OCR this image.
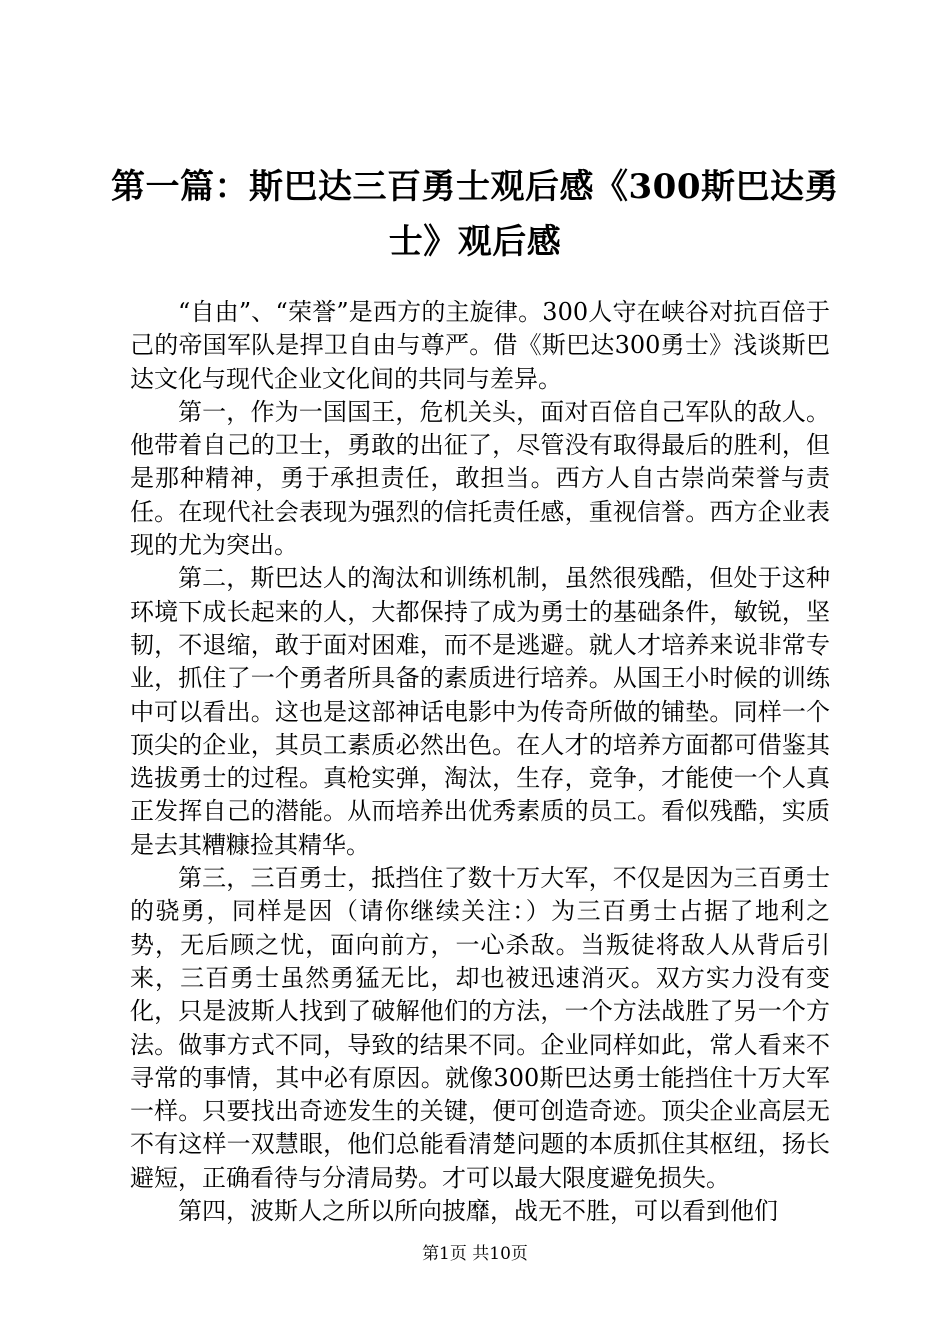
第一篇：斯巴达三百勇士观后感《300斯巴达勇士》观后感

“自由”、“荣誉”是西方的主旋律。300人守在峡谷对抗百倍于己的帝国军队是捍卫自由与尊严。借《斯巴达300勇士》浅谈斯巴达文化与现代企业文化间的共同与差异。

第一，作为一国国王，危机关头，面对百倍自己军队的敌人。他带着自己的卫士，勇敢的出征了，尽管没有取得最后的胜利，但是那种精神，勇于承担责任，敢担当。西方人自古崇尚荣誉与责任。在现代社会表现为强烈的信托责任感，重视信誉。西方企业表现的尤为突出。

第二，斯巴达人的淘汰和训练机制，虽然很残酷，但处于这种环境下成长起来的人，大都保持了成为勇士的基础条件，敏锐，坚韧，不退缩，敢于面对困难，而不是逃避。就人才培养来说非常专业，抓住了一个勇者所具备的素质进行培养。从国王小时候的训练中可以看出。这也是这部神话电影中为传奇所做的铺垫。同样一个顶尖的企业，其员工素质必然出色。在人才的培养方面都可借鉴其选拔勇士的过程。真枪实弹，淘汰，生存，竞争，才能使一个人真正发挥自己的潜能。从而培养出优秀素质的员工。看似残酷，实质是去其糟糠捡其精华。

第三，三百勇士，抵挡住了数十万大军，不仅是因为三百勇士的骁勇，同样是因（请你继续关注：）为三百勇士占据了地利之势，无后顾之忧，面向前方，一心杀敌。当叛徒将敌人从背后引来，三百勇士虽然勇猛无比，却也被迅速消灭。双方实力没有变化，只是波斯人找到了破解他们的方法，一个方法战胜了另一个方法。做事方式不同，导致的结果不同。企业同样如此，常人看来不寻常的事情，其中必有原因。就像300斯巴达勇士能挡住十万大军一样。只要找出奇迹发生的关键，便可创造奇迹。顶尖企业高层无不有这样一双慧眼，他们总能看清楚问题的本质抓住其枢纽，扬长避短，正确看待与分清局势。才可以最大限度避免损失。

第四，波斯人之所以所向披靡，战无不胜，可以看到他们

第1页 共10页
